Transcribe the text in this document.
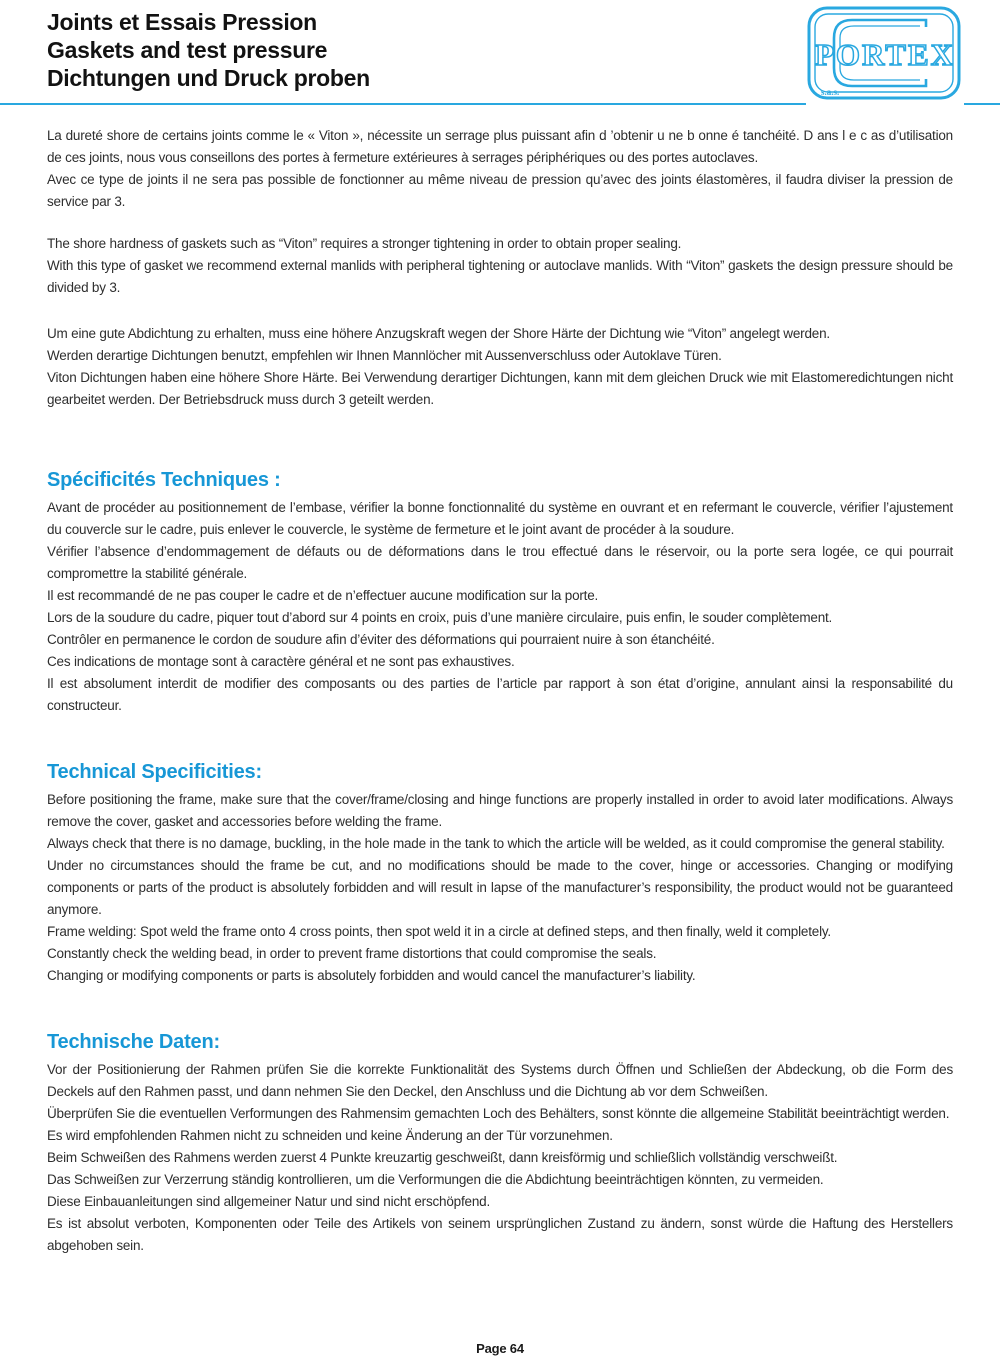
Joints et Essais Pression
Gaskets and test pressure
Dichtungen und Druck proben
PORTEX
s.a.s.

La dureté shore de certains joints comme le « Viton », nécessite un serrage plus puissant afin d ’obtenir u ne b onne é tanchéité. D ans l e c as d’utilisation de ces joints, nous vous conseillons des portes à fermeture extérieures à serrages périphériques ou des portes autoclaves.

Avec ce type de joints il ne sera pas possible de fonctionner au même niveau de pression qu’avec des joints élastomères, il faudra diviser la pression de service par 3.

The shore hardness of gaskets such as “Viton” requires a stronger tightening in order to obtain proper sealing.

With this type of gasket we recommend external manlids with peripheral tightening or autoclave manlids. With “Viton” gaskets the design pressure should be divided by 3.

Um eine gute Abdichtung zu erhalten, muss eine höhere Anzugskraft wegen der Shore Härte der Dichtung wie “Viton” angelegt werden.

Werden derartige Dichtungen benutzt, empfehlen wir Ihnen Mannlöcher mit Aussenverschluss oder Autoklave Türen.

Viton Dichtungen haben eine höhere Shore Härte. Bei Verwendung derartiger Dichtungen, kann mit dem gleichen Druck wie mit Elastomeredichtungen nicht gearbeitet werden. Der Betriebsdruck muss durch 3 geteilt werden.

Spécificités Techniques :

Avant de procéder au positionnement de l’embase, vérifier la bonne fonctionnalité du système en ouvrant et en refermant le couvercle, vérifier l’ajustement du couvercle sur le cadre, puis enlever le couvercle, le système de fermeture et le joint avant de procéder à la soudure.

Vérifier l’absence d’endommagement de défauts ou de déformations dans le trou effectué dans le réservoir, ou la porte sera logée, ce qui pourrait compromettre la stabilité générale.

Il est recommandé de ne pas couper le cadre et de n’effectuer aucune modification sur la porte.

Lors de la soudure du cadre, piquer tout d’abord sur 4 points en croix, puis d’une manière circulaire, puis enfin, le souder complètement.

Contrôler en permanence le cordon de soudure afin d’éviter des déformations qui pourraient nuire à son étanchéité.

Ces indications de montage sont à caractère général et ne sont pas exhaustives.

Il est absolument interdit de modifier des composants ou des parties de l’article par rapport à son état d’origine, annulant ainsi la responsabilité du constructeur.

Technical Specificities:

Before positioning the frame, make sure that the cover/frame/closing and hinge functions are properly installed in order to avoid later modifications. Always remove the cover, gasket and accessories before welding the frame.

Always check that there is no damage, buckling, in the hole made in the tank to which the article will be welded, as it could compromise the general stability.

Under no circumstances should the frame be cut, and no modifications should be made to the cover, hinge or accessories. Changing or modifying components or parts of the product is absolutely forbidden and will result in lapse of the manufacturer’s responsibility, the product would not be guaranteed anymore.

Frame welding: Spot weld the frame onto 4 cross points, then spot weld it in a circle at defined steps, and then finally, weld it completely.

Constantly check the welding bead, in order to prevent frame distortions that could compromise the seals.

Changing or modifying components or parts is absolutely forbidden and would cancel the manufacturer’s liability.

Technische Daten:

Vor der Positionierung der Rahmen prüfen Sie die korrekte Funktionalität des Systems durch Öffnen und Schließen der Abdeckung, ob die Form des Deckels auf den Rahmen passt, und dann nehmen Sie den Deckel, den Anschluss und die Dichtung ab vor dem Schweißen.

Überprüfen Sie die eventuellen Verformungen des Rahmensim gemachten Loch des Behälters, sonst könnte die allgemeine Stabilität beeinträchtigt werden.

Es wird empfohlenden Rahmen nicht zu schneiden und keine Änderung an der Tür vorzunehmen.

Beim Schweißen des Rahmens werden zuerst 4 Punkte kreuzartig geschweißt, dann kreisförmig und schließlich vollständig verschweißt.

Das Schweißen zur Verzerrung ständig kontrollieren, um die Verformungen die die Abdichtung beeinträchtigen könnten, zu vermeiden.

Diese Einbauanleitungen sind allgemeiner Natur und sind nicht erschöpfend.

Es ist absolut verboten, Komponenten oder Teile des Artikels von seinem ursprünglichen Zustand zu ändern, sonst würde die Haftung des Herstellers abgehoben sein.

Page 64
